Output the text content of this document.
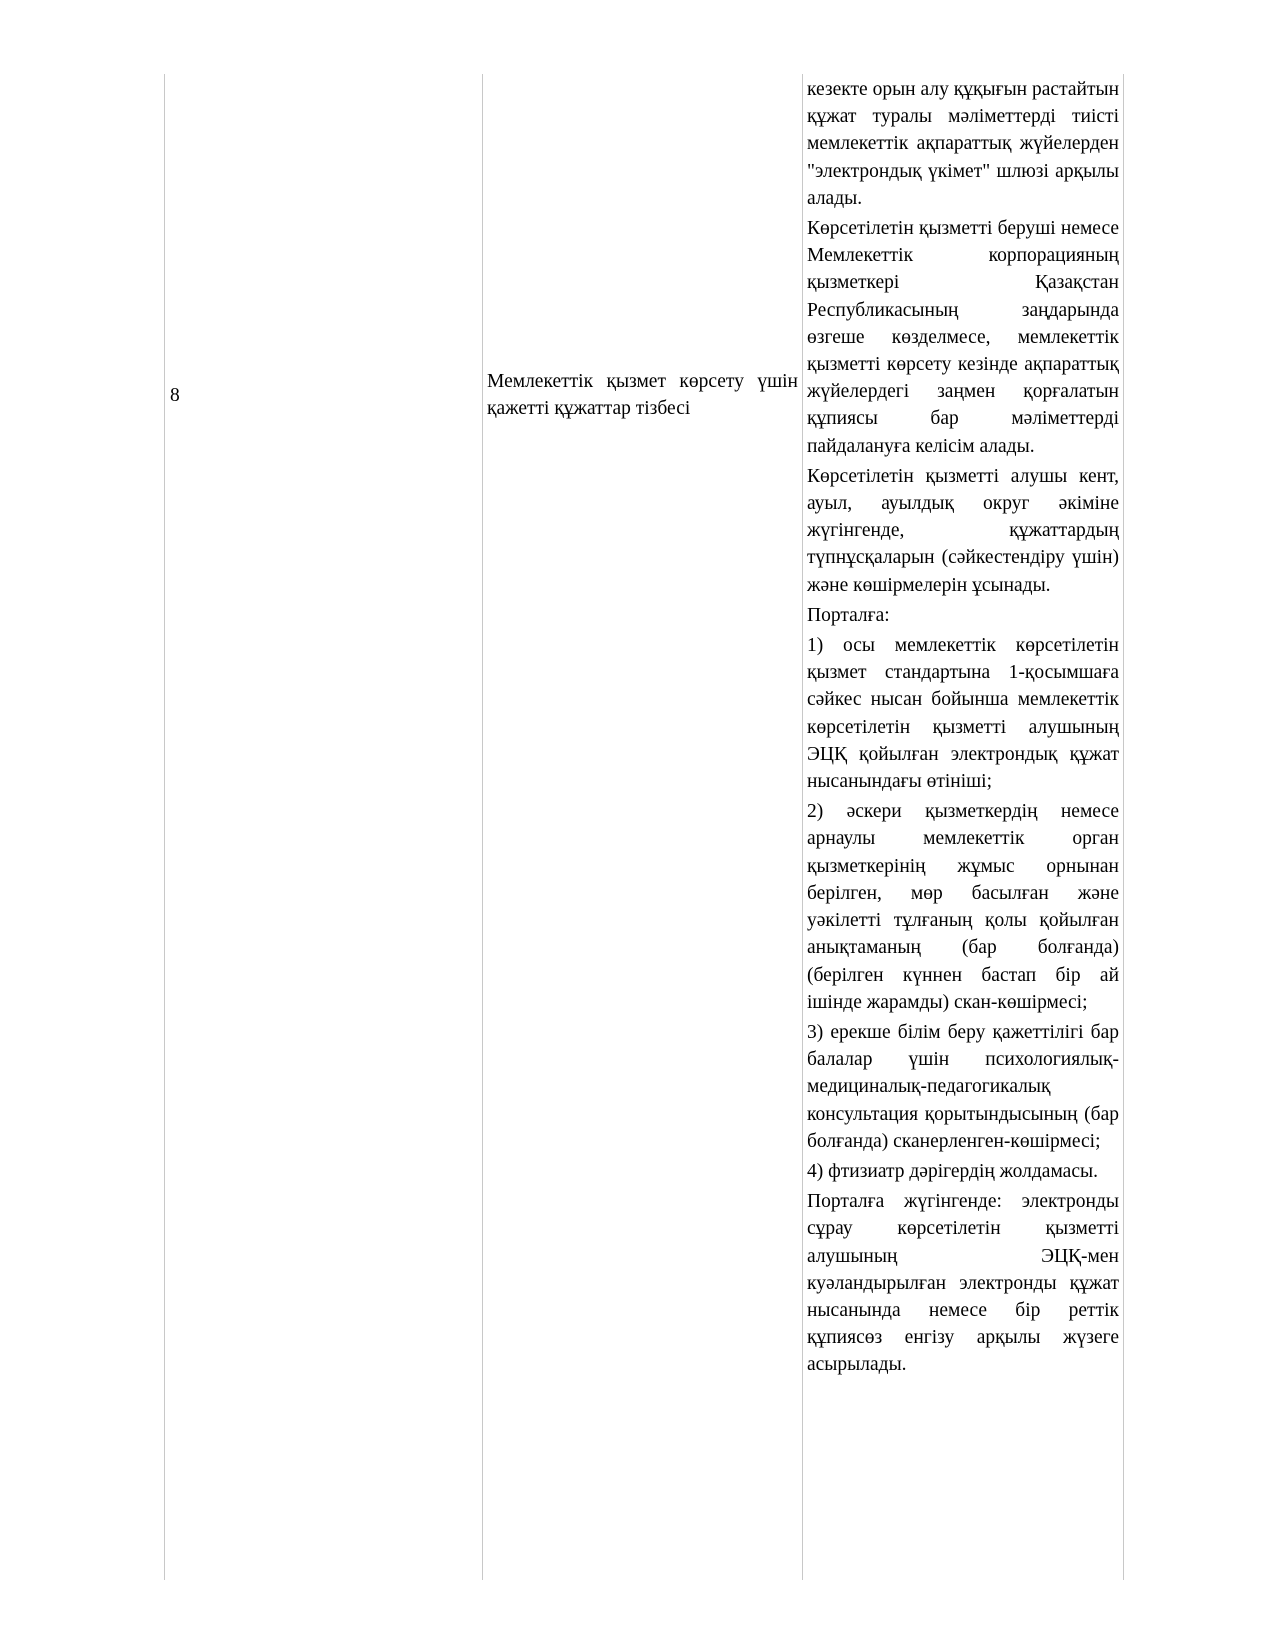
8
Мемлекеттік қызмет көрсету үшін қажетті құжаттар тізбесі

кезекте орын алу құқығын растайтын құжат туралы мәліметтерді тиісті мемлекеттік ақпараттық жүйелерден "электрондық үкімет" шлюзі арқылы алады.

Көрсетілетін қызметті беруші немесе Мемлекеттік корпорацияның қызметкері Қазақстан Республикасының заңдарында өзгеше көзделмесе, мемлекеттік қызметті көрсету кезінде ақпараттық жүйелердегі заңмен қорғалатын құпиясы бар мәліметтерді пайдалануға келісім алады.

Көрсетілетін қызметті алушы кент, ауыл, ауылдық округ әкіміне жүгінгенде, құжаттардың түпнұсқаларын (сәйкестендіру үшін) және көшірмелерін ұсынады.

Порталға:

1) осы мемлекеттік көрсетілетін қызмет стандартына 1-қосымшаға сәйкес нысан бойынша мемлекеттік көрсетілетін қызметті алушының ЭЦҚ қойылған электрондық құжат нысанындағы өтініші;

2) әскери қызметкердің немесе арнаулы мемлекеттік орган қызметкерінің жұмыс орнынан берілген, мөр басылған және уәкілетті тұлғаның қолы қойылған анықтаманың (бар болғанда) (берілген күннен бастап бір ай ішінде жарамды) скан-көшірмесі;

3) ерекше білім беру қажеттілігі бар балалар үшін психологиялық-медициналық-педагогикалық консультация қорытындысының (бар болғанда) сканерленген-көшірмесі;

4) фтизиатр дәрігердің жолдамасы.

Порталға жүгінгенде: электронды сұрау көрсетілетін қызметті алушының ЭЦҚ-мен куәландырылған электронды құжат нысанында немесе бір реттік құпиясөз енгізу арқылы жүзеге асырылады.
